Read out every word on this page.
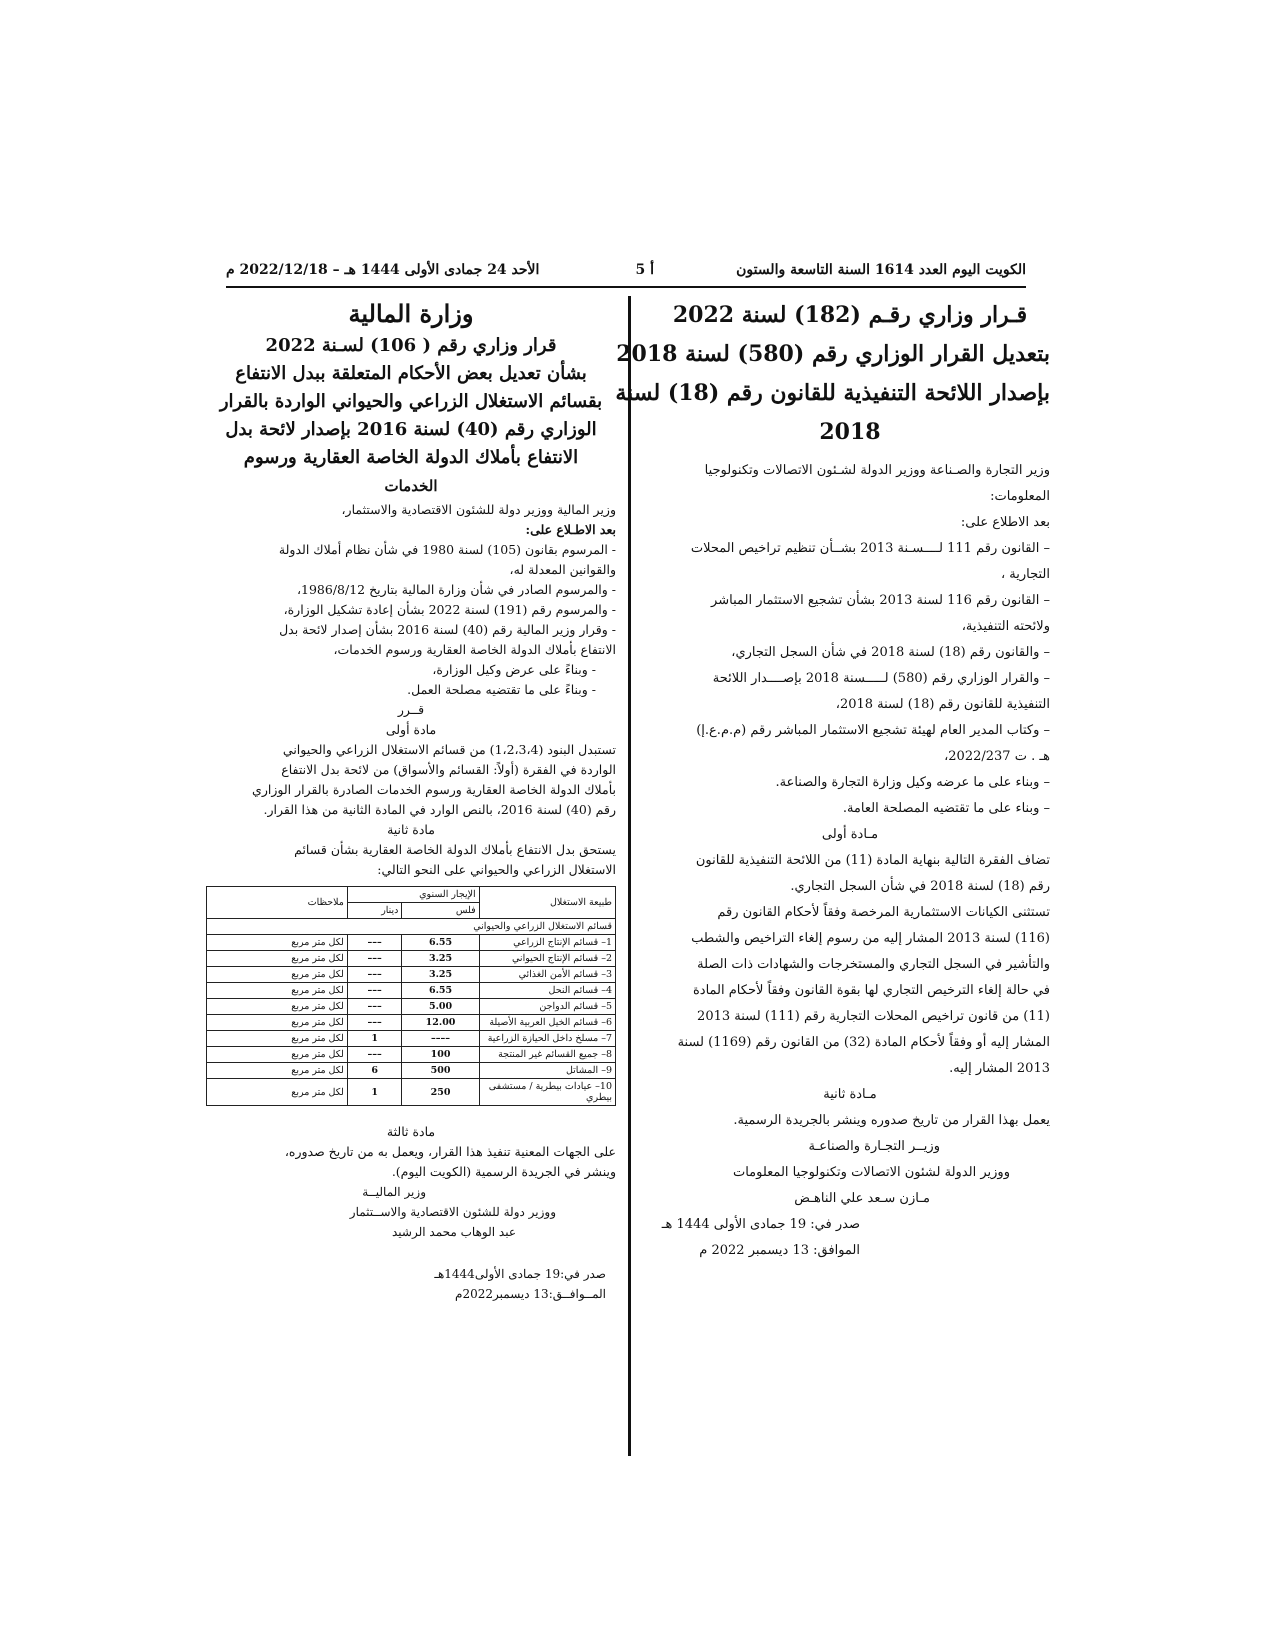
الكويت اليوم العدد 1614 السنة التاسعة والستون
أ 5
الأحد 24 جمادى الأولى 1444 هـ – 2022/12/18 م

قـرار وزاري رقـم (182) لسنة 2022

بتعديل القرار الوزاري رقم (580) لسنة 2018

بإصدار اللائحة التنفيذية للقانون رقم (18) لسنة

2018

وزير التجارة والصـناعة ووزير الدولة لشـئون الاتصالات وتكنولوجيا

المعلومات:

بعد الاطلاع على:

– القانون رقم 111 لــــسـنة 2013 بشــأن تنظيم تراخيص المحلات

التجارية ،

– القانون رقم 116 لسنة 2013 بشأن تشجيع الاستثمار المباشر

ولائحته التنفيذية،

– والقانون رقم (18) لسنة 2018 في شأن السجل التجاري،

– والقرار الوزاري رقم (580) لـــــسنة 2018 بإصــــدار اللائحة

التنفيذية للقانون رقم (18) لسنة 2018،

– وكتاب المدير العام لهيئة تشجيع الاستثمار المباشر رقم (م.م.ع.إ)

هـ . ت 2022/237،

– وبناء على ما عرضه وكيل وزارة التجارة والصناعة.

– وبناء على ما تقتضيه المصلحة العامة.

مـادة أولى

تضاف الفقرة التالية بنهاية المادة (11) من اللائحة التنفيذية للقانون

رقم (18) لسنة 2018 في شأن السجل التجاري.

تستثنى الكيانات الاستثمارية المرخصة وفقاً لأحكام القانون رقم

(116) لسنة 2013 المشار إليه من رسوم إلغاء التراخيص والشطب

والتأشير في السجل التجاري والمستخرجات والشهادات ذات الصلة

في حالة إلغاء الترخيص التجاري لها بقوة القانون وفقاً لأحكام المادة

(11) من قانون تراخيص المحلات التجارية رقم (111) لسنة 2013

المشار إليه أو وفقاً لأحكام المادة (32) من القانون رقم (1169) لسنة

2013 المشار إليه.

مـادة ثانية

يعمل بهذا القرار من تاريخ صدوره وينشر بالجريدة الرسمية.

وزيــر التجـارة والصناعـة

ووزير الدولة لشئون الاتصالات وتكنولوجيا المعلومات

مـازن سـعد علي الناهـض

صدر في: 19 جمادى الأولى 1444 هـ

الموافق: 13 ديسمبر 2022 م

وزارة المالية

قرار وزاري رقم ( 106) لسـنة 2022

بشأن تعديل بعض الأحكام المتعلقة ببدل الانتفاع

بقسائم الاستغلال الزراعي والحيواني الواردة بالقرار

الوزاري رقم (40) لسنة 2016 بإصدار لائحة بدل

الانتفاع بأملاك الدولة الخاصة العقارية ورسوم

الخدمات

وزير المالية ووزير دولة للشئون الاقتصادية والاستثمار،

بعد الاطـلاع على:

- المرسوم بقانون (105) لسنة 1980 في شأن نظام أملاك الدولة

والقوانين المعدلة له،

- والمرسوم الصادر في شأن وزارة المالية بتاريخ 1986/8/12،

- والمرسوم رقم (191) لسنة 2022 بشأن إعادة تشكيل الوزارة،

- وقرار وزير المالية رقم (40) لسنة 2016 بشأن إصدار لائحة بدل

الانتفاع بأملاك الدولة الخاصة العقارية ورسوم الخدمات،

- وبناءً على عرض وكيل الوزارة،

- وبناءً على ما تقتضيه مصلحة العمل.

قــرر

مادة أولى

تستبدل البنود (1،2،3،4) من قسائم الاستغلال الزراعي والحيواني

الواردة في الفقرة (أولاً: القسائم والأسواق) من لائحة بدل الانتفاع

بأملاك الدولة الخاصة العقارية ورسوم الخدمات الصادرة بالقرار الوزاري

رقم (40) لسنة 2016، بالنص الوارد في المادة الثانية من هذا القرار.

مادة ثانية

يستحق بدل الانتفاع بأملاك الدولة الخاصة العقارية بشأن قسائم

الاستغلال الزراعي والحيواني على النحو التالي:

طبيعة الاستغلال	الإيجار السنوي		ملاحظات
	فلس	دينار	
قسائم الاستغلال الزراعي والحيواني			
1– قسائم الإنتاج الزراعي	6.55	–––	لكل متر مربع
2– قسائم الإنتاج الحيواني	3.25	–––	لكل متر مربع
3– قسائم الأمن الغذائي	3.25	–––	لكل متر مربع
4– قسائم النحل	6.55	–––	لكل متر مربع
5– قسائم الدواجن	5.00	–––	لكل متر مربع
6– قسائم الخيل العربية الأصيلة	12.00	–––	لكل متر مربع
7– مسلخ داخل الحيازة الزراعية	––––	1	لكل متر مربع
8– جميع القسائم غير المنتجة	100	–––	لكل متر مربع
9– المشاتل	500	6	لكل متر مربع
10– عيادات بيطرية / مستشفى بيطري	250	1	لكل متر مربع

مادة ثالثة

على الجهات المعنية تنفيذ هذا القرار، ويعمل به من تاريخ صدوره،

وينشر في الجريدة الرسمية (الكويت اليوم).

وزير الماليــة

ووزير دولة للشئون الاقتصادية والاســتثمار

عبد الوهاب محمد الرشيد

صدر في:19 جمادى الأولى1444هـ

المــوافــق:13 ديسمبر2022م
